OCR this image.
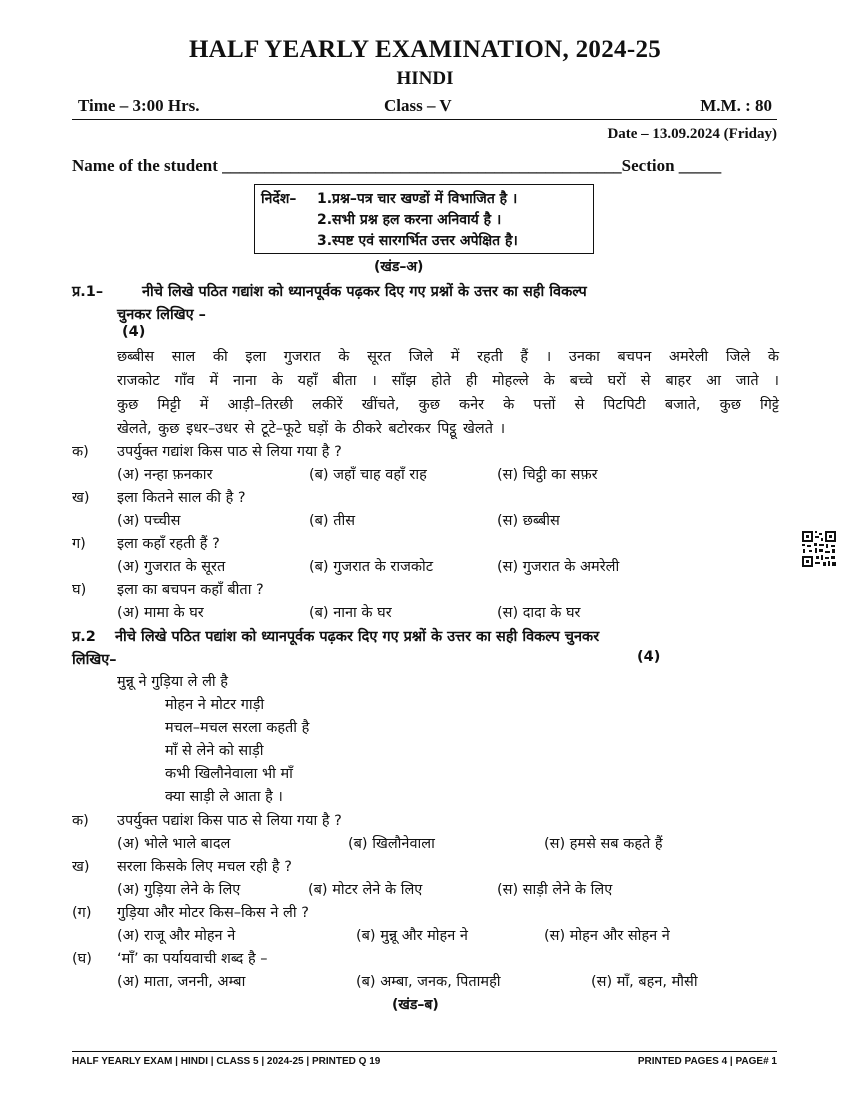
HALF YEARLY EXAMINATION, 2024-25
HINDI
Time – 3:00 Hrs.	Class – V	M.M. : 80
Date – 13.09.2024 (Friday)
Name of the student _______________________________________________Section _____
निर्देश– 1.प्रश्न–पत्र चार खण्डों में विभाजित है ।
2.सभी प्रश्न हल करना अनिवार्य है ।
3.स्पष्ट एवं सारगर्भित उत्तर अपेक्षित है।
(खंड–अ)
प्र.1–	नीचे लिखे पठित गद्यांश को ध्यानपूर्वक पढ़कर दिए गए प्रश्नों के उत्तर का सही विकल्प
चुनकर लिखिए –
(4)
छब्बीस साल की इला गुजरात के सूरत जिले में रहती हैं । उनका बचपन अमरेली जिले के
राजकोट गाँव में नाना के यहाँ बीता । साँझ होते ही मोहल्ले के बच्चे घरों से बाहर आ जाते ।
कुछ मिट्टी में आड़ी–तिरछी लकीरें खींचते, कुछ कनेर के पत्तों से पिटपिटी बजाते, कुछ गिट्टे
खेलते, कुछ इधर–उधर से टूटे–फूटे घड़ों के ठीकरे बटोरकर पिट्ठू खेलते ।
क) उपर्युक्त गद्यांश किस पाठ से लिया गया है ?
(अ) नन्हा फ़नकार	(ब) जहाँ चाह वहाँ राह	(स) चिट्ठी का सफ़र
ख) इला कितने साल की है ?
(अ) पच्चीस	(ब) तीस	(स) छब्बीस
ग) इला कहाँ रहती हैं ?
(अ) गुजरात के सूरत	(ब) गुजरात के राजकोट	(स) गुजरात के अमरेली
घ) इला का बचपन कहाँ बीता ?
(अ) मामा के घर	(ब) नाना के घर	(स) दादा के घर
प्र.2 नीचे लिखे पठित पद्यांश को ध्यानपूर्वक पढ़कर दिए गए प्रश्नों के उत्तर का सही विकल्प चुनकर
लिखिए–	(4)
मुन्नू ने गुड़िया ले ली है
मोहन ने मोटर गाड़ी
मचल–मचल सरला कहती है
माँ से लेने को साड़ी
कभी खिलौनेवाला भी माँ
क्या साड़ी ले आता है ।
क) उपर्युक्त पद्यांश किस पाठ से लिया गया है ?
(अ) भोले भाले बादल	(ब) खिलौनेवाला	(स) हमसे सब कहते हैं
ख) सरला किसके लिए मचल रही है ?
(अ) गुड़िया लेने के लिए	(ब) मोटर लेने के लिए	(स) साड़ी लेने के लिए
(ग) गुड़िया और मोटर किस–किस ने ली ?
(अ) राजू और मोहन ने	(ब) मुन्नू और मोहन ने	(स) मोहन और सोहन ने
(घ) ‘माँ’ का पर्यायवाची शब्द है –
(अ) माता, जननी, अम्बा	(ब) अम्बा, जनक, पितामही	(स) माँ, बहन, मौसी
(खंड–ब)
HALF YEARLY EXAM | HINDI | CLASS 5 | 2024-25 | PRINTED Q 19	PRINTED PAGES 4 | PAGE# 1
